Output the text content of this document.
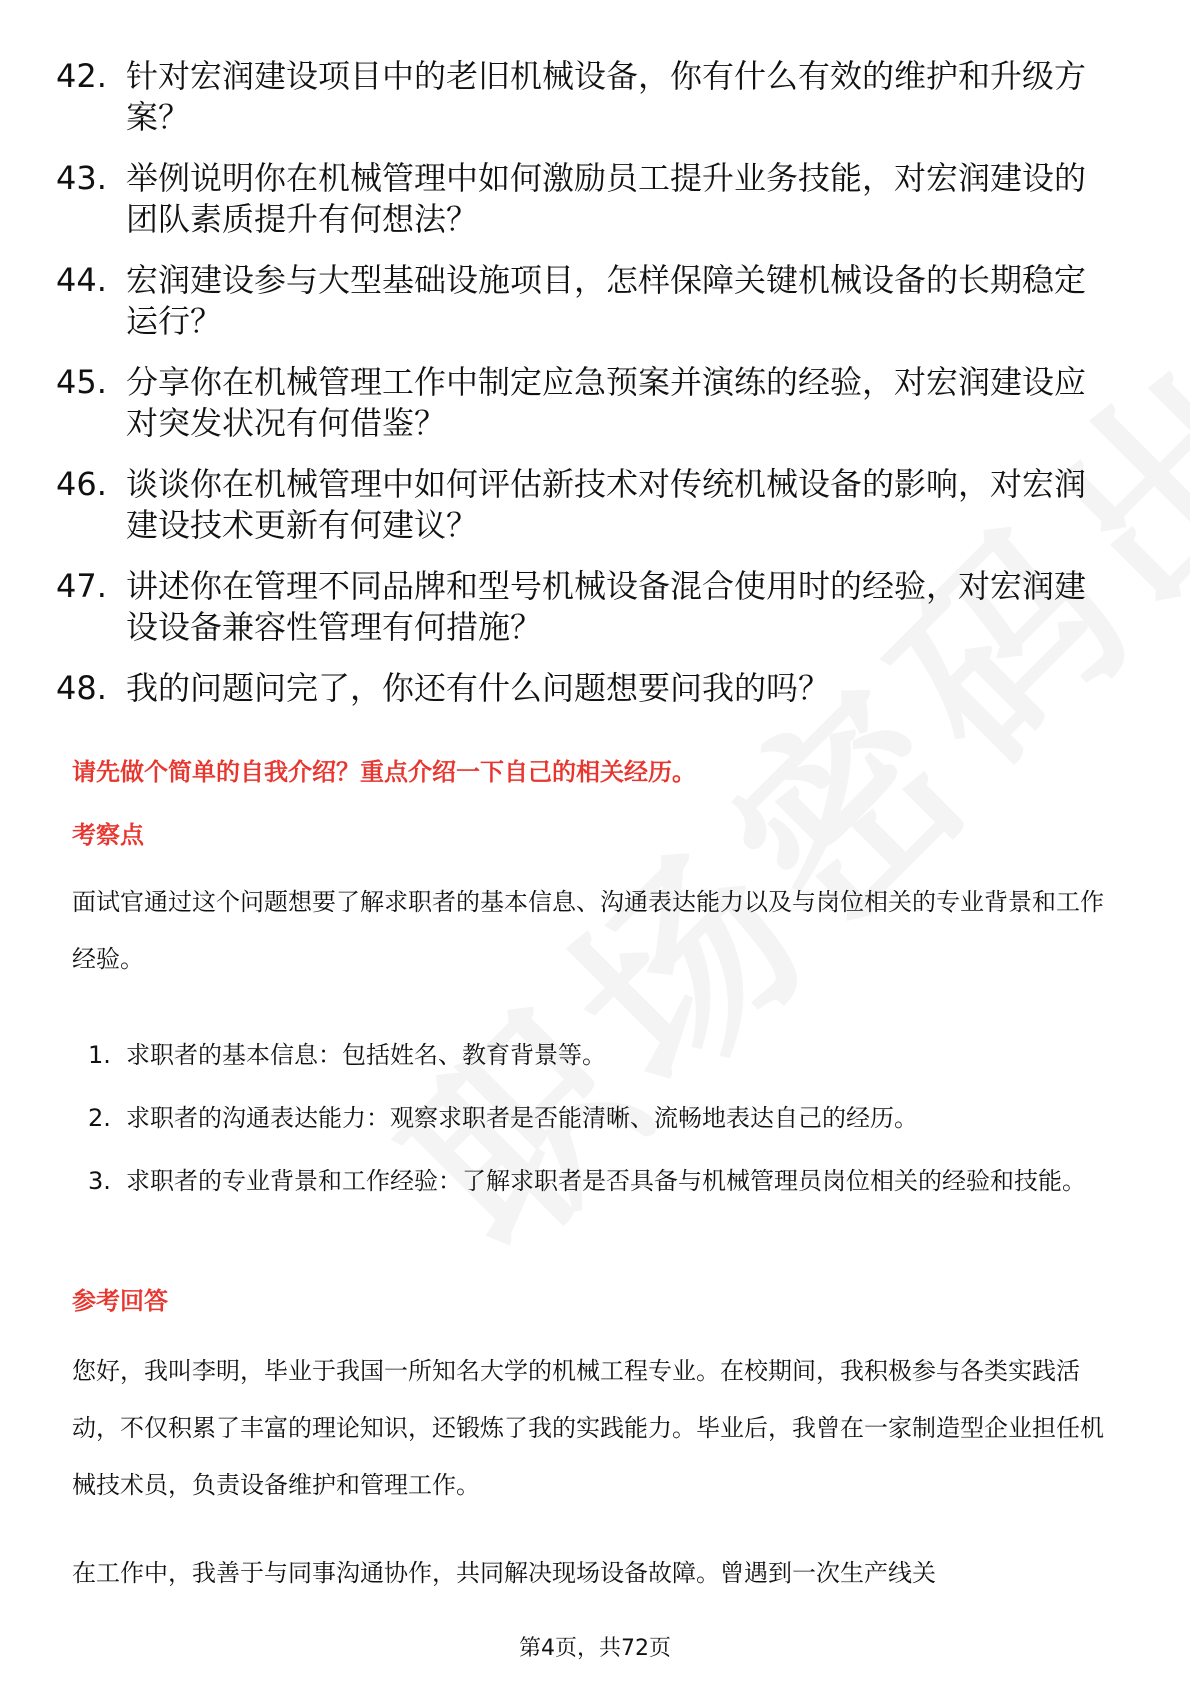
42. 针对宏润建设项目中的老旧机械设备，你有什么有效的维护和升级方案？
43. 举例说明你在机械管理中如何激励员工提升业务技能，对宏润建设的团队素质提升有何想法？
44. 宏润建设参与大型基础设施项目，怎样保障关键机械设备的长期稳定运行？
45. 分享你在机械管理工作中制定应急预案并演练的经验，对宏润建设应对突发状况有何借鉴？
46. 谈谈你在机械管理中如何评估新技术对传统机械设备的影响，对宏润建设技术更新有何建议？
47. 讲述你在管理不同品牌和型号机械设备混合使用时的经验，对宏润建设设备兼容性管理有何措施？
48. 我的问题问完了，你还有什么问题想要问我的吗？
请先做个简单的自我介绍？重点介绍一下自己的相关经历。
考察点
面试官通过这个问题想要了解求职者的基本信息、沟通表达能力以及与岗位相关的专业背景和工作经验。
1. 求职者的基本信息：包括姓名、教育背景等。
2. 求职者的沟通表达能力：观察求职者是否能清晰、流畅地表达自己的经历。
3. 求职者的专业背景和工作经验：了解求职者是否具备与机械管理员岗位相关的经验和技能。
参考回答
您好，我叫李明，毕业于我国一所知名大学的机械工程专业。在校期间，我积极参与各类实践活动，不仅积累了丰富的理论知识，还锻炼了我的实践能力。毕业后，我曾在一家制造型企业担任机械技术员，负责设备维护和管理工作。
在工作中，我善于与同事沟通协作，共同解决现场设备故障。曾遇到一次生产线关
第4页，共72页
